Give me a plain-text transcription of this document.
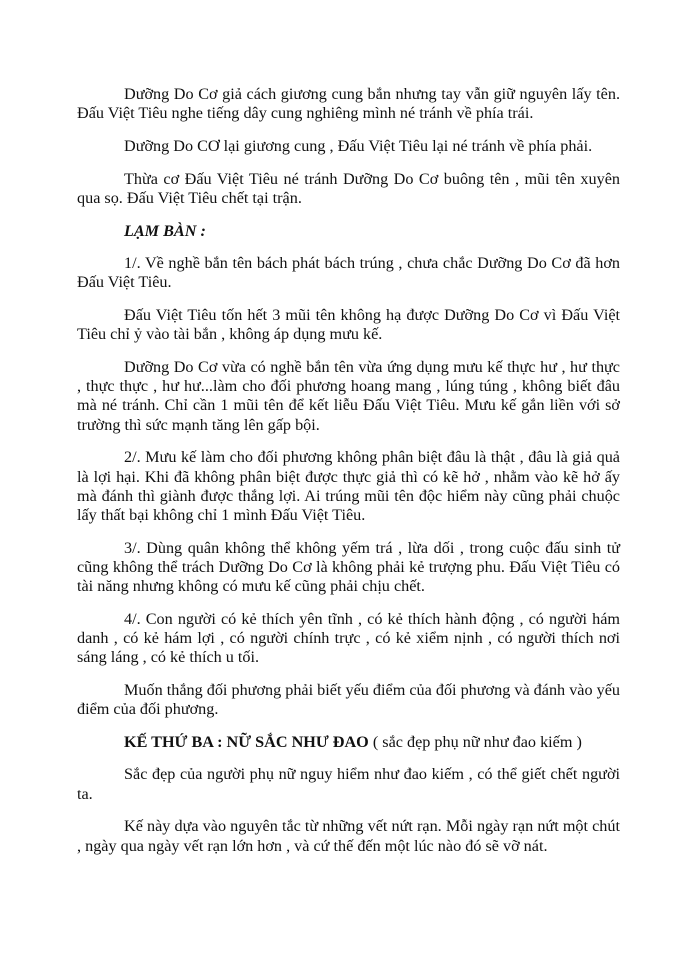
Dưỡng Do Cơ giả cách giương cung bắn nhưng tay vẫn giữ nguyên lấy tên. Đấu Việt Tiêu nghe tiếng dây cung nghiêng mình né tránh về phía trái.

Dưỡng Do CƠ lại giương cung , Đấu Việt Tiêu lại né tránh về phía phải.

Thừa cơ Đấu Việt Tiêu né tránh Dưỡng Do Cơ buông tên , mũi tên xuyên qua sọ. Đấu Việt Tiêu chết tại trận.

LẠM BÀN :

1/. Về nghề bắn tên bách phát bách trúng , chưa chắc Dưỡng Do Cơ đã hơn Đấu Việt Tiêu.

Đấu Việt Tiêu tốn hết 3 mũi tên không hạ được Dưỡng Do Cơ vì Đấu Việt Tiêu chỉ ỷ vào tài bắn , không áp dụng mưu kế.

Dưỡng Do Cơ vừa có nghề bắn tên vừa ứng dụng mưu kế thực hư , hư thực , thực thực , hư hư...làm cho đối phương hoang mang , lúng túng , không biết đâu mà né tránh. Chỉ cần 1 mũi tên để kết liễu Đấu Việt Tiêu. Mưu kế gắn liền với sở trường thì sức mạnh tăng lên gấp bội.

2/. Mưu kế làm cho đối phương không phân biệt đâu là thật , đâu là giả quả là lợi hại. Khi đã không phân biệt được thực giả thì có kẽ hở , nhằm vào kẽ hở ấy mà đánh thì giành được thắng lợi. Ai trúng mũi tên độc hiểm này cũng phải chuộc lấy thất bại không chỉ 1 mình Đấu Việt Tiêu.

3/. Dùng quân không thể không yếm trá , lừa dối , trong cuộc đấu sinh tử cũng không thể trách Dưỡng Do Cơ là không phải kẻ trượng phu. Đấu Việt Tiêu có tài năng nhưng không có mưu kế cũng phải chịu chết.

4/. Con người có kẻ thích yên tĩnh , có kẻ thích hành động , có người hám danh , có kẻ hám lợi , có người chính trực , có kẻ xiểm nịnh , có người thích nơi sáng láng , có kẻ thích u tối.

Muốn thắng đối phương phải biết yếu điểm của đối phương và đánh vào yếu điểm của đối phương.

KẾ THỨ BA : NỮ SẮC NHƯ ĐAO ( sắc đẹp phụ nữ như đao kiếm )

Sắc đẹp của người phụ nữ nguy hiểm như đao kiếm , có thể giết chết người ta.

Kế này dựa vào nguyên tắc từ những vết nứt rạn. Mỗi ngày rạn nứt một chút , ngày qua ngày vết rạn lớn hơn , và cứ thế đến một lúc nào đó sẽ vỡ nát.
